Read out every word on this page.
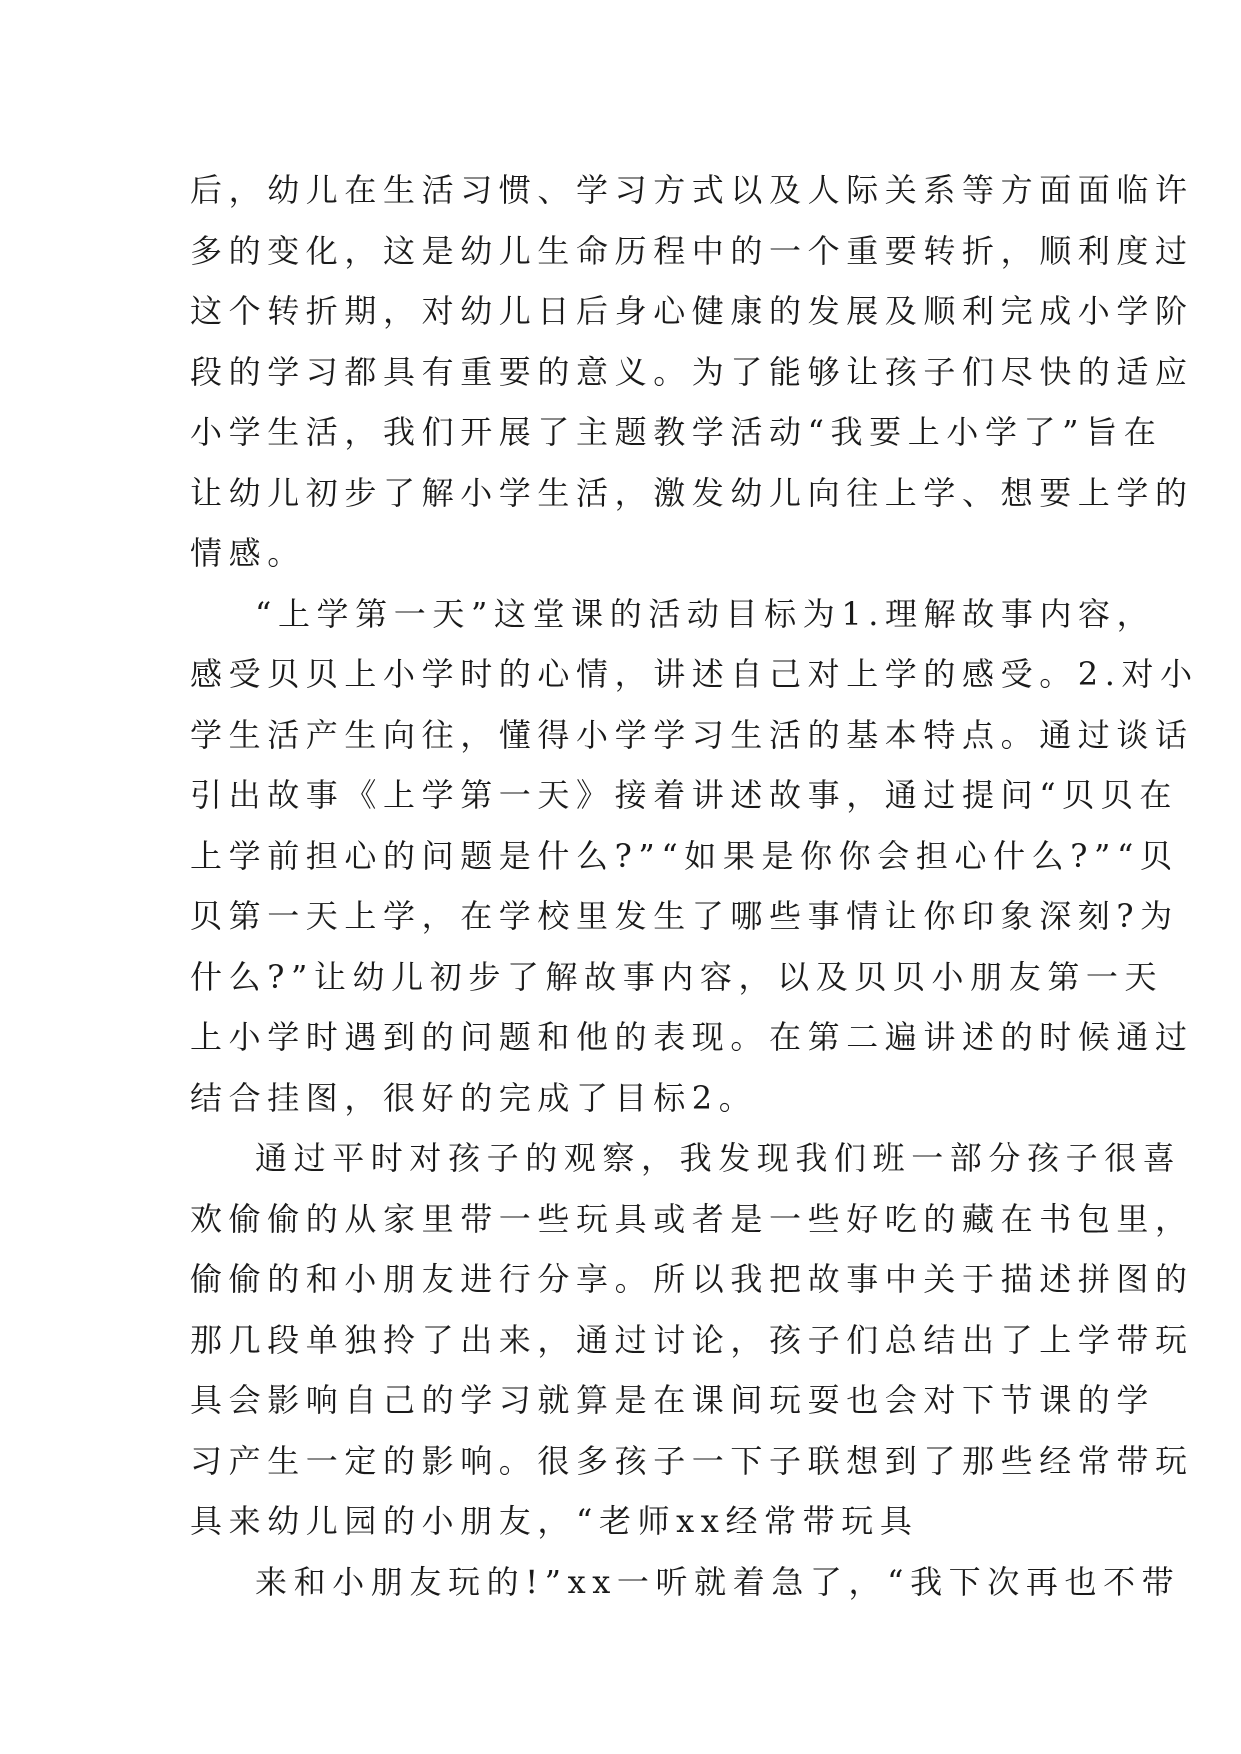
后，幼儿在生活习惯、学习方式以及人际关系等方面面临许
多的变化，这是幼儿生命历程中的一个重要转折，顺利度过
这个转折期，对幼儿日后身心健康的发展及顺利完成小学阶
段的学习都具有重要的意义。为了能够让孩子们尽快的适应
小学生活，我们开展了主题教学活动“我要上小学了”旨在
让幼儿初步了解小学生活，激发幼儿向往上学、想要上学的
情感。
“上学第一天”这堂课的活动目标为1.理解故事内容，
感受贝贝上小学时的心情，讲述自己对上学的感受。2.对小
学生活产生向往，懂得小学学习生活的基本特点。通过谈话
引出故事《上学第一天》接着讲述故事，通过提问“贝贝在
上学前担心的问题是什么?”“如果是你你会担心什么?”“贝
贝第一天上学，在学校里发生了哪些事情让你印象深刻?为
什么?”让幼儿初步了解故事内容，以及贝贝小朋友第一天
上小学时遇到的问题和他的表现。在第二遍讲述的时候通过
结合挂图，很好的完成了目标2。
通过平时对孩子的观察，我发现我们班一部分孩子很喜
欢偷偷的从家里带一些玩具或者是一些好吃的藏在书包里，
偷偷的和小朋友进行分享。所以我把故事中关于描述拼图的
那几段单独拎了出来，通过讨论，孩子们总结出了上学带玩
具会影响自己的学习就算是在课间玩耍也会对下节课的学
习产生一定的影响。很多孩子一下子联想到了那些经常带玩
具来幼儿园的小朋友，“老师xx经常带玩具
来和小朋友玩的!”xx一听就着急了，“我下次再也不带
